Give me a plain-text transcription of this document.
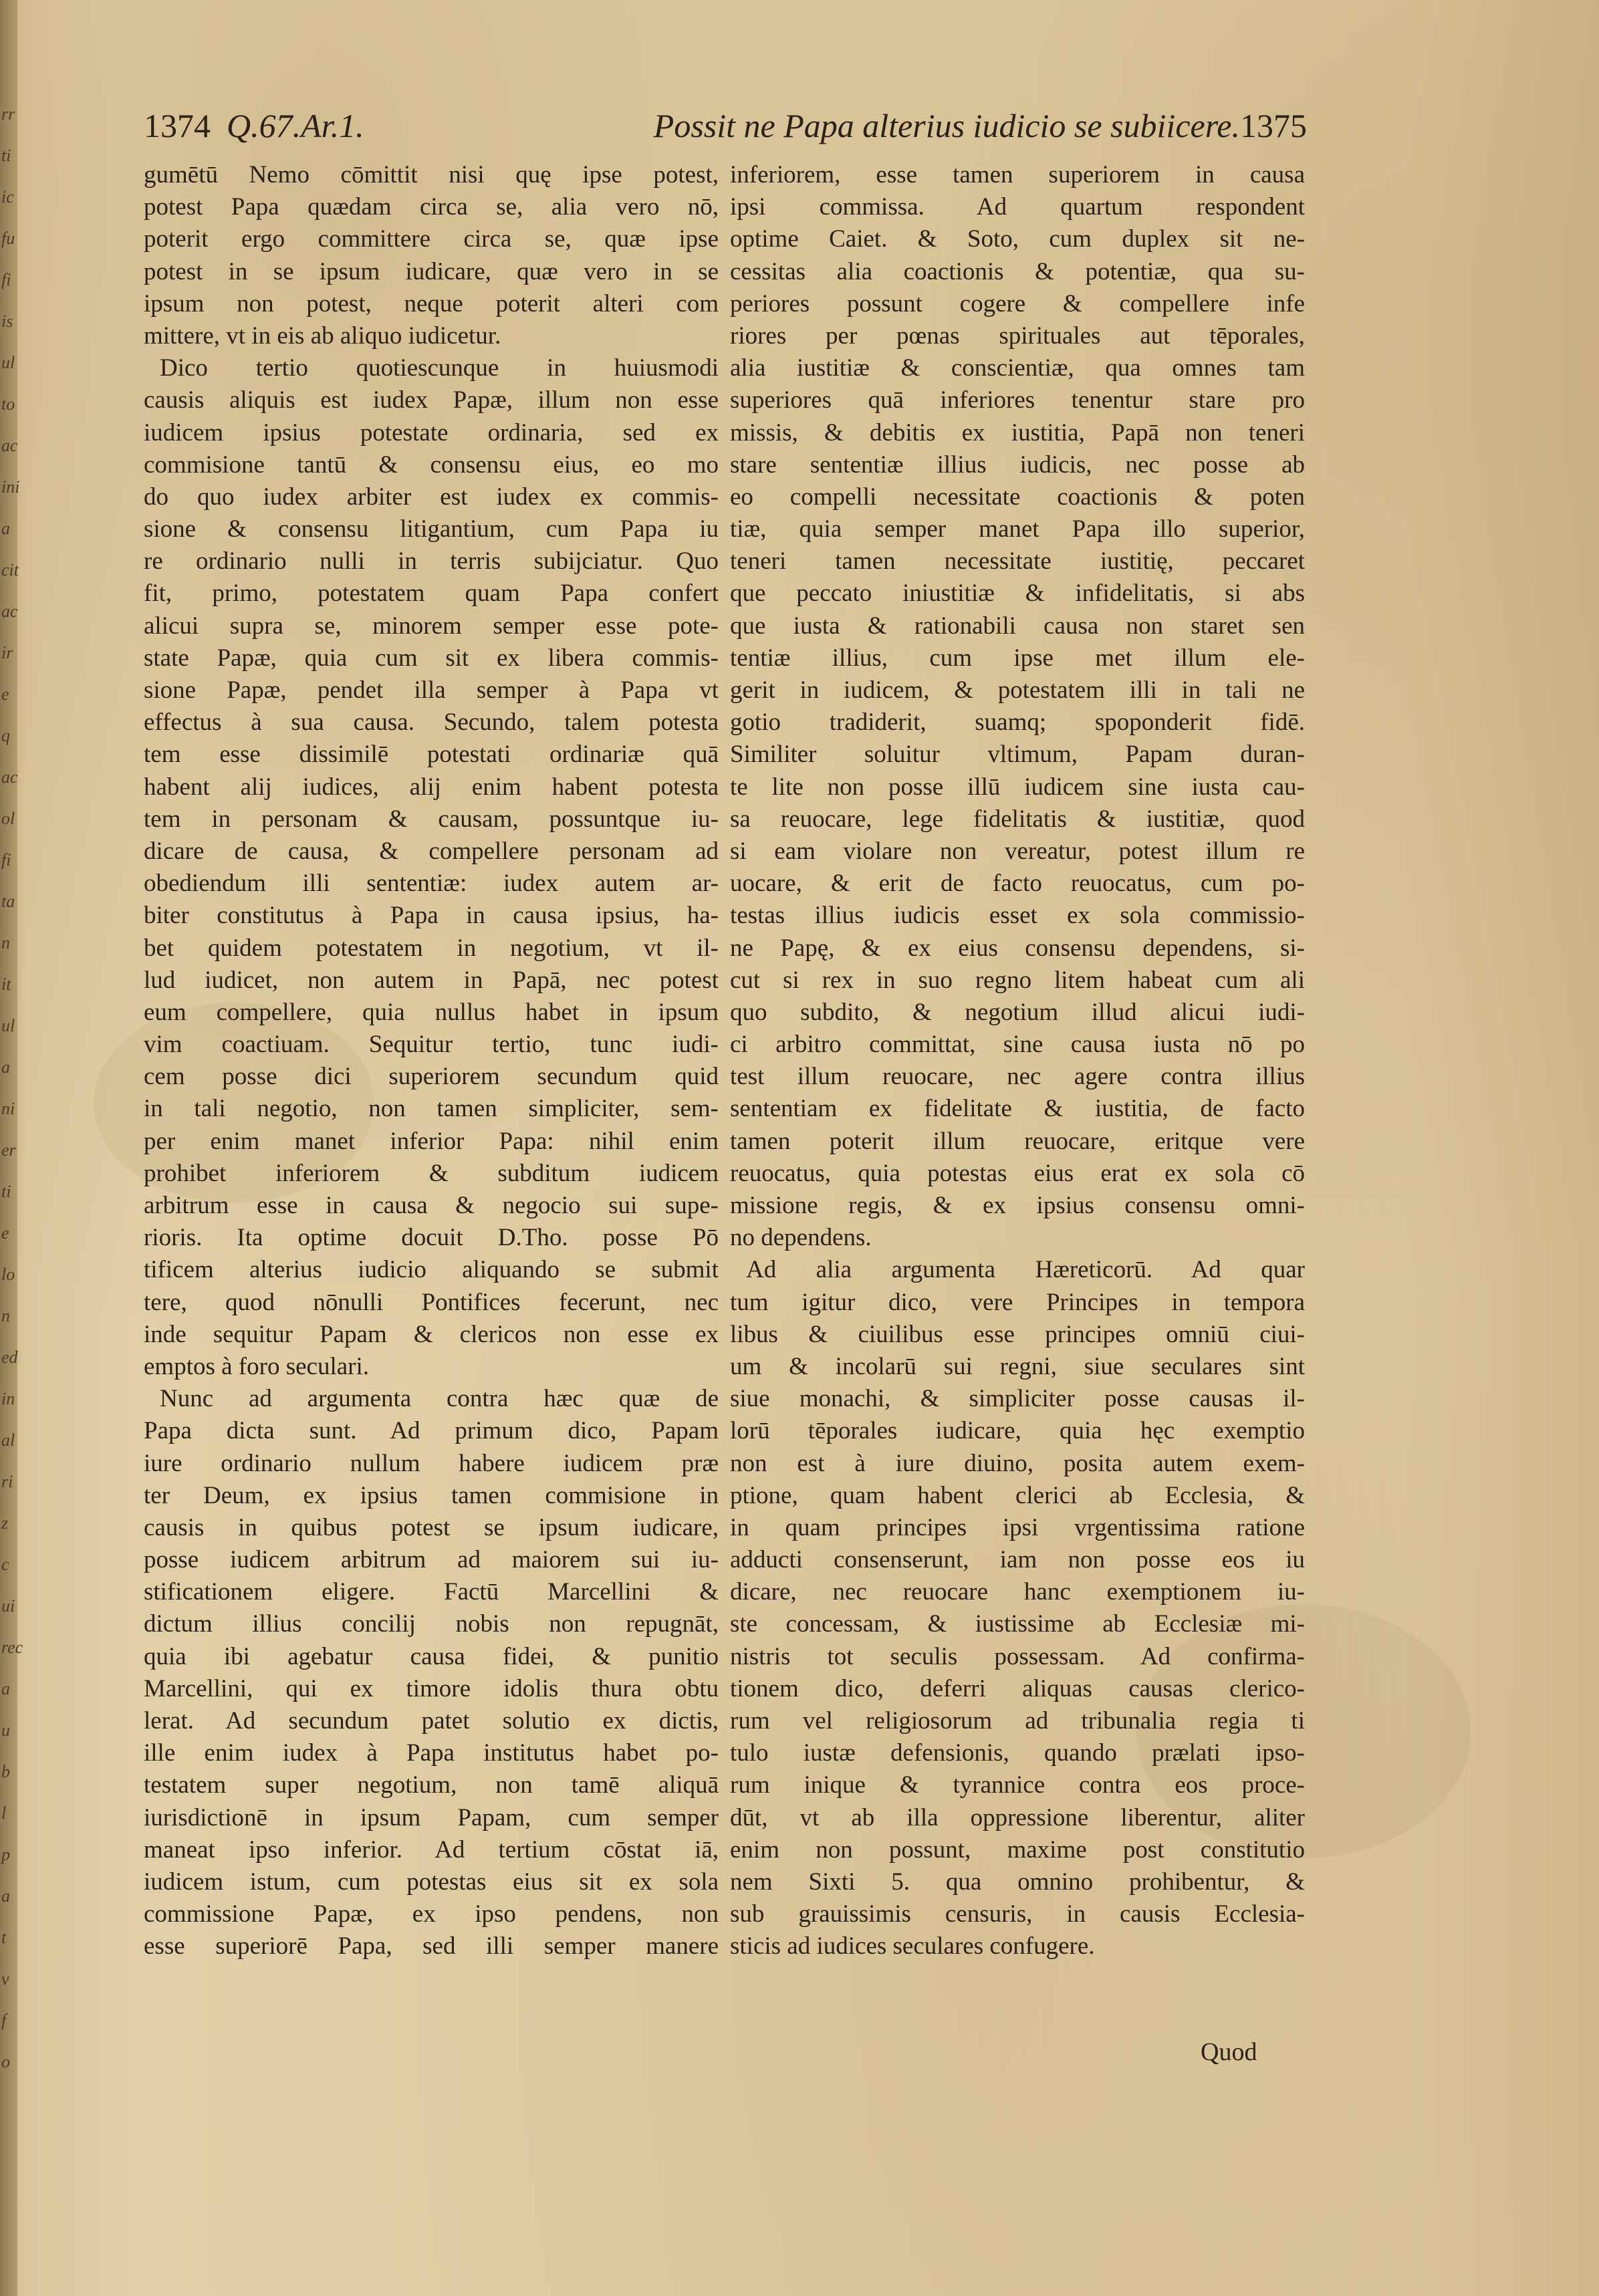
rr
ti
ic
fu
fi
is
ul
to
ac
ini
a
cit
ac
ir
e
q
ac
ol
fi
ta
n
it
ul
a
ni
er
ti
e
lo
n
ed
in
al
ri
z
c
ui
rec
a
u
b
l
p
a
t
v
f
o
1374 Q.67.Ar.1.	Possit ne Papa alterius iudicio se subiicere.1375
gumētū Nemo cōmittit nisi quę ipse potest,
potest Papa quædam circa se, alia vero nō,
poterit ergo committere circa se, quæ ipse
potest in se ipsum iudicare, quæ vero in se
ipsum non potest, neque poterit alteri com
mittere, vt in eis ab aliquo iudicetur.
Dico tertio quotiescunque in huiusmodi
causis aliquis est iudex Papæ, illum non esse
iudicem ipsius potestate ordinaria, sed ex
commisione tantū & consensu eius, eo mo
do quo iudex arbiter est iudex ex commis-
sione & consensu litigantium, cum Papa iu
re ordinario nulli in terris subijciatur. Quo
fit, primo, potestatem quam Papa confert
alicui supra se, minorem semper esse pote-
state Papæ, quia cum sit ex libera commis-
sione Papæ, pendet illa semper à Papa vt
effectus à sua causa. Secundo, talem potesta
tem esse dissimilē potestati ordinariæ quā
habent alij iudices, alij enim habent potesta
tem in personam & causam, possuntque iu-
dicare de causa, & compellere personam ad
obediendum illi sententiæ: iudex autem ar-
biter constitutus à Papa in causa ipsius, ha-
bet quidem potestatem in negotium, vt il-
lud iudicet, non autem in Papā, nec potest
eum compellere, quia nullus habet in ipsum
vim coactiuam. Sequitur tertio, tunc iudi-
cem posse dici superiorem secundum quid
in tali negotio, non tamen simpliciter, sem-
per enim manet inferior Papa: nihil enim
prohibet inferiorem & subditum iudicem
arbitrum esse in causa & negocio sui supe-
rioris. Ita optime docuit D.Tho. posse Pō
tificem alterius iudicio aliquando se submit
tere, quod nōnulli Pontifices fecerunt, nec
inde sequitur Papam & clericos non esse ex
emptos à foro seculari.
Nunc ad argumenta contra hæc quæ de
Papa dicta sunt. Ad primum dico, Papam
iure ordinario nullum habere iudicem præ
ter Deum, ex ipsius tamen commisione in
causis in quibus potest se ipsum iudicare,
posse iudicem arbitrum ad maiorem sui iu-
stificationem eligere. Factū Marcellini &
dictum illius concilij nobis non repugnāt,
quia ibi agebatur causa fidei, & punitio
Marcellini, qui ex timore idolis thura obtu
lerat. Ad secundum patet solutio ex dictis,
ille enim iudex à Papa institutus habet po-
testatem super negotium, non tamē aliquā
iurisdictionē in ipsum Papam, cum semper
maneat ipso inferior. Ad tertium cōstat iā,
iudicem istum, cum potestas eius sit ex sola
commissione Papæ, ex ipso pendens, non
esse superiorē Papa, sed illi semper manere
inferiorem, esse tamen superiorem in causa
ipsi commissa. Ad quartum respondent
optime Caiet. & Soto, cum duplex sit ne-
cessitas alia coactionis & potentiæ, qua su-
periores possunt cogere & compellere infe
riores per pœnas spirituales aut tēporales,
alia iustitiæ & conscientiæ, qua omnes tam
superiores quā inferiores tenentur stare pro
missis, & debitis ex iustitia, Papā non teneri
stare sententiæ illius iudicis, nec posse ab
eo compelli necessitate coactionis & poten
tiæ, quia semper manet Papa illo superior,
teneri tamen necessitate iustitię, peccaret
que peccato iniustitiæ & infidelitatis, si abs
que iusta & rationabili causa non staret sen
tentiæ illius, cum ipse met illum ele-
gerit in iudicem, & potestatem illi in tali ne
gotio tradiderit, suamq; spoponderit fidē.
Similiter soluitur vltimum, Papam duran-
te lite non posse illū iudicem sine iusta cau-
sa reuocare, lege fidelitatis & iustitiæ, quod
si eam violare non vereatur, potest illum re
uocare, & erit de facto reuocatus, cum po-
testas illius iudicis esset ex sola commissio-
ne Papę, & ex eius consensu dependens, si-
cut si rex in suo regno litem habeat cum ali
quo subdito, & negotium illud alicui iudi-
ci arbitro committat, sine causa iusta nō po
test illum reuocare, nec agere contra illius
sententiam ex fidelitate & iustitia, de facto
tamen poterit illum reuocare, eritque vere
reuocatus, quia potestas eius erat ex sola cō
missione regis, & ex ipsius consensu omni-
no dependens.
Ad alia argumenta Hæreticorū. Ad quar
tum igitur dico, vere Principes in tempora
libus & ciuilibus esse principes omniū ciui-
um & incolarū sui regni, siue seculares sint
siue monachi, & simpliciter posse causas il-
lorū tēporales iudicare, quia hęc exemptio
non est à iure diuino, posita autem exem-
ptione, quam habent clerici ab Ecclesia, &
in quam principes ipsi vrgentissima ratione
adducti consenserunt, iam non posse eos iu
dicare, nec reuocare hanc exemptionem iu-
ste concessam, & iustissime ab Ecclesiæ mi-
nistris tot seculis possessam. Ad confirma-
tionem dico, deferri aliquas causas clerico-
rum vel religiosorum ad tribunalia regia ti
tulo iustæ defensionis, quando prælati ipso-
rum inique & tyrannice contra eos proce-
dūt, vt ab illa oppressione liberentur, aliter
enim non possunt, maxime post constitutio
nem Sixti 5. qua omnino prohibentur, &
sub grauissimis censuris, in causis Ecclesia-
sticis ad iudices seculares confugere.
Quod
